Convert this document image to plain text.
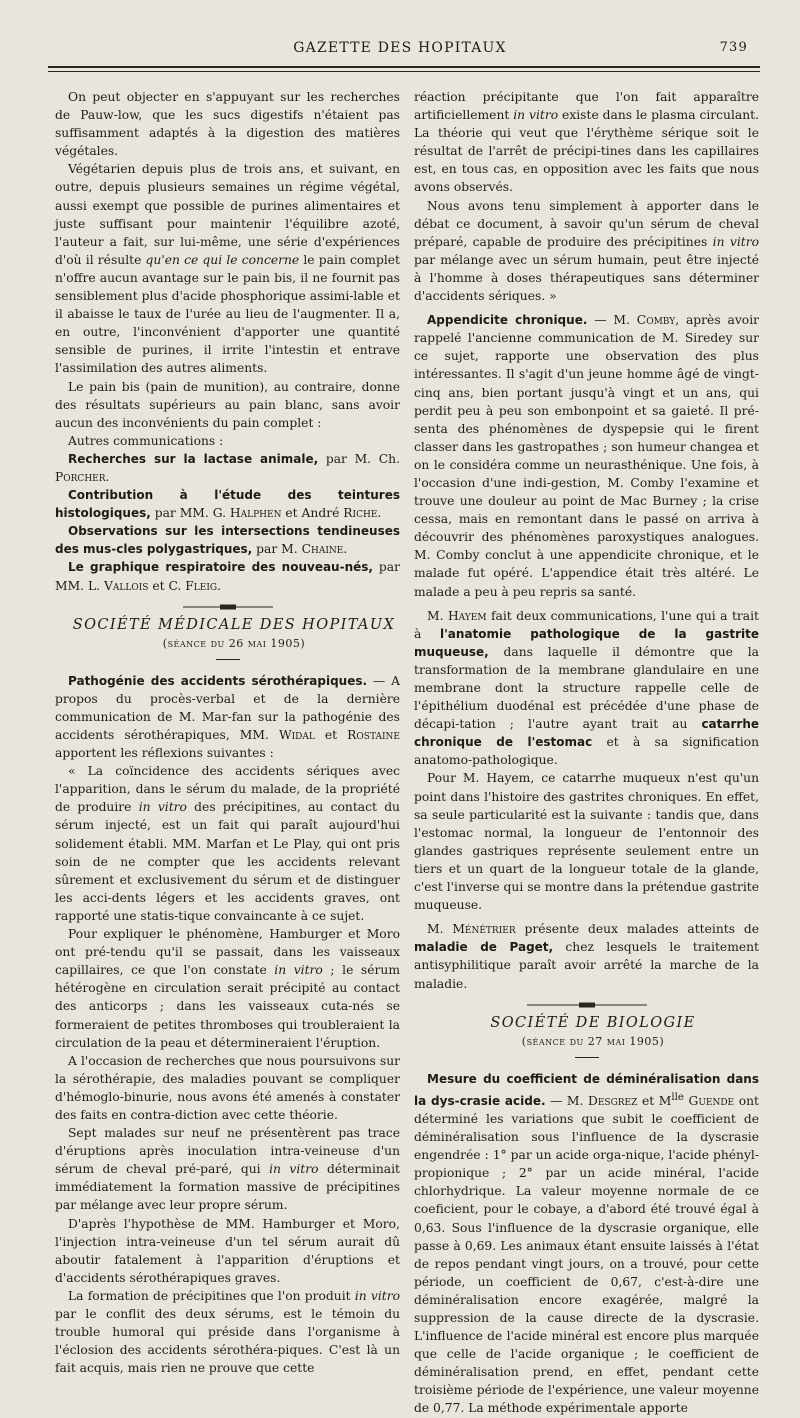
GAZETTE DES HOPITAUX	739

On peut objecter en s'appuyant sur les recherches de Pauw-low, que les sucs digestifs n'étaient pas suffisamment adaptés à la digestion des matières végétales.

Végétarien depuis plus de trois ans, et suivant, en outre, depuis plusieurs semaines un régime végétal, aussi exempt que possible de purines alimentaires et juste suffisant pour maintenir l'équilibre azoté, l'auteur a fait, sur lui-même, une série d'expériences d'où il résulte qu'en ce qui le concerne le pain complet n'offre aucun avantage sur le pain bis, il ne fournit pas sensiblement plus d'acide phosphorique assimi-lable et il abaisse le taux de l'urée au lieu de l'augmenter. Il a, en outre, l'inconvénient d'apporter une quantité sensible de purines, il irrite l'intestin et entrave l'assimilation des autres aliments.

Le pain bis (pain de munition), au contraire, donne des résultats supérieurs au pain blanc, sans avoir aucun des inconvénients du pain complet :

Autres communications :

Recherches sur la lactase animale, par M. Ch. Porcher.

Contribution à l'étude des teintures histologiques, par MM. G. Halphen et André Riche.

Observations sur les intersections tendineuses des mus-cles polygastriques, par M. Chaine.

Le graphique respiratoire des nouveau-nés, par MM. L. Vallois et C. Fleig.

SOCIÉTÉ MÉDICALE DES HOPITAUX

(séance du 26 mai 1905)

Pathogénie des accidents sérothérapiques. — A propos du procès-verbal et de la dernière communication de M. Mar-fan sur la pathogénie des accidents sérothérapiques, MM. Widal et Rostaine apportent les réflexions suivantes :

« La coïncidence des accidents sériques avec l'apparition, dans le sérum du malade, de la propriété de produire in vitro des précipitines, au contact du sérum injecté, est un fait qui paraît aujourd'hui solidement établi. MM. Marfan et Le Play, qui ont pris soin de ne compter que les accidents relevant sûrement et exclusivement du sérum et de distinguer les acci-dents légers et les accidents graves, ont rapporté une statis-tique convaincante à ce sujet.

Pour expliquer le phénomène, Hamburger et Moro ont pré-tendu qu'il se passait, dans les vaisseaux capillaires, ce que l'on constate in vitro ; le sérum hétérogène en circulation serait précipité au contact des anticorps ; dans les vaisseaux cuta-nés se formeraient de petites thromboses qui troubleraient la circulation de la peau et détermineraient l'éruption.

A l'occasion de recherches que nous poursuivons sur la sérothérapie, des maladies pouvant se compliquer d'hémoglo-binurie, nous avons été amenés à constater des faits en contra-diction avec cette théorie.

Sept malades sur neuf ne présentèrent pas trace d'éruptions après inoculation intra-veineuse d'un sérum de cheval pré-paré, qui in vitro déterminait immédiatement la formation massive de précipitines par mélange avec leur propre sérum.

D'après l'hypothèse de MM. Hamburger et Moro, l'injection intra-veineuse d'un tel sérum aurait dû aboutir fatalement à l'apparition d'éruptions et d'accidents sérothérapiques graves.

La formation de précipitines que l'on produit in vitro par le conflit des deux sérums, est le témoin du trouble humoral qui préside dans l'organisme à l'éclosion des accidents sérothéra-piques. C'est là un fait acquis, mais rien ne prouve que cette

réaction précipitante que l'on fait apparaître artificiellement in vitro existe dans le plasma circulant. La théorie qui veut que l'érythème sérique soit le résultat de l'arrêt de précipi-tines dans les capillaires est, en tous cas, en opposition avec les faits que nous avons observés.

Nous avons tenu simplement à apporter dans le débat ce document, à savoir qu'un sérum de cheval préparé, capable de produire des précipitines in vitro par mélange avec un sérum humain, peut être injecté à l'homme à doses thérapeutiques sans déterminer d'accidents sériques. »

Appendicite chronique. — M. Comby, après avoir rappelé l'ancienne communication de M. Siredey sur ce sujet, rapporte une observation des plus intéressantes. Il s'agit d'un jeune homme âgé de vingt-cinq ans, bien portant jusqu'à vingt et un ans, qui perdit peu à peu son embonpoint et sa gaieté. Il pré-senta des phénomènes de dyspepsie qui le firent classer dans les gastropathes ; son humeur changea et on le considéra comme un neurasthénique. Une fois, à l'occasion d'une indi-gestion, M. Comby l'examine et trouve une douleur au point de Mac Burney ; la crise cessa, mais en remontant dans le passé on arriva à découvrir des phénomènes paroxystiques analogues. M. Comby conclut à une appendicite chronique, et le malade fut opéré. L'appendice était très altéré. Le malade a peu à peu repris sa santé.

M. Hayem fait deux communications, l'une qui a trait à l'anatomie pathologique de la gastrite muqueuse, dans laquelle il démontre que la transformation de la membrane glandulaire en une membrane dont la structure rappelle celle de l'épithélium duodénal est précédée d'une phase de décapi-tation ; l'autre ayant trait au catarrhe chronique de l'estomac et à sa signification anatomo-pathologique.

Pour M. Hayem, ce catarrhe muqueux n'est qu'un point dans l'histoire des gastrites chroniques. En effet, sa seule particularité est la suivante : tandis que, dans l'estomac normal, la longueur de l'entonnoir des glandes gastriques représente seulement entre un tiers et un quart de la longueur totale de la glande, c'est l'inverse qui se montre dans la prétendue gastrite muqueuse.

M. Ménétrier présente deux malades atteints de maladie de Paget, chez lesquels le traitement antisyphilitique paraît avoir arrêté la marche de la maladie.

SOCIÉTÉ DE BIOLOGIE

(séance du 27 mai 1905)

Mesure du coefficient de déminéralisation dans la dys-crasie acide. — M. Desgrez et $M^{lle}$ Guende ont déterminé les variations que subit le coefficient de déminéralisation sous l'influence de la dyscrasie engendrée : 1° par un acide orga-nique, l'acide phényl-propionique ; 2° par un acide minéral, l'acide chlorhydrique. La valeur moyenne normale de ce coeficient, pour le cobaye, a d'abord été trouvé égal à 0,63. Sous l'influence de la dyscrasie organique, elle passe à 0,69. Les animaux étant ensuite laissés à l'état de repos pendant vingt jours, on a trouvé, pour cette période, un coefficient de 0,67, c'est-à-dire une déminéralisation encore exagérée, malgré la suppression de la cause directe de la dyscrasie. L'influence de l'acide minéral est encore plus marquée que celle de l'acide organique ; le coefficient de déminéralisation prend, en effet, pendant cette troisième période de l'expérience, une valeur moyenne de 0,77. La méthode expérimentale apporte
